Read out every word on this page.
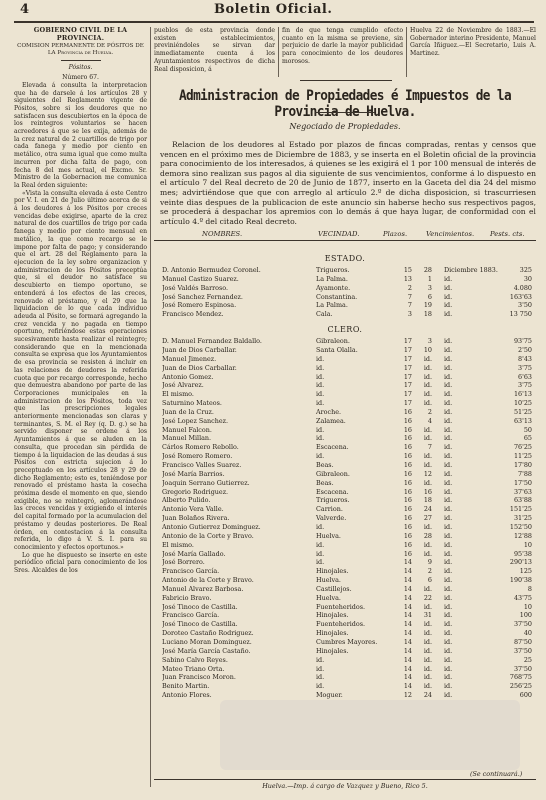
4	Boletin Oficial.
GOBIERNO CIVIL DE LA PROVINCIA.
COMISION PERMANENTE DE PÓSITOS DE LA Provincia de Huelva.
Pósitos.
Número 67.
Elevada á consulta la interpretacion que ha de darsele á los artículos 28 y siguientes del Reglamento vigente de Pósitos, sobre si los deudores que no satisfacen sus descubiertos en la época de los reintegros voluntarios se hacen acreedores á que se les exija, además de la crez natural de 2 cuartillos de trigo por cada fanega y medio por ciento en metálico, otra suma igual que como multa incurren por dicha falta de pago, con fecha 8 del mes actual, el Excmo. Sr. Ministro de la Gobernacion me comunica la Real órden siguiente:
«Vista la consulta elevada á este Centro por V. I. en 21 de Julio último acerca de si á los deudores á los Pósitos por creces vencidas debe exigirse, aparte de la crez natural de dos cuartillos de trigo por cada fanega y medio por ciento mensual en metálico, la que como recargo se le impone por falta de pago; y considerando que el art. 28 del Reglamento para la ejecucion de la ley sobre organizacion y administracion de los Pósitos preceptúa que, si el deudor no satisface su descubierto en tiempo oportuno, se entenderá á los efectos de las creces, renovado el préstamo, y el 29 que la liquidacion de lo que cada individuo adeuda al Pósito, se formará agregando la crez vencida y no pagada en tiempo oportuno, refiriéndose estas operaciones sucesivamente hasta realizar el reintegro; considerando que en la mencionada consulta se expresa que los Ayuntamientos de esa provincia se resisten á incluir en las relaciones de deudores la referida cuota que por recargo corresponde, hecho que demuestra abandono por parte de las Corporaciones municipales en la administracion de los Pósitos, toda vez que las prescripciones legales anteriormente mencionadas son claras y terminantes, S. M. el Rey (q. D. g.) se ha servido disponer se ordene á los Ayuntamientos á que se aluden en la consulta, que procedan sin pérdida de tiempo á la liquidacion de las deudas á sus Pósitos con estricta sujecion á lo preceptuado en los artículos 28 y 29 de dicho Reglamento; esto es, teniéndose por renovado el préstamo hasta la cosecha próxima desde el momento en que, siendo exigible, no se reintegró, aglomerándose las creces vencidas y exigiendo el interés del capital formado por la acumulacion del préstamo y deudas posteriores. De Real órden, en contestacion á la consulta referida, lo digo á V. S. I. para su conocimiento y efectos oportunos.»
Lo que he dispuesto se inserte en este periódico oficial para conocimiento de los Sres. Alcaldes de los
pueblos de esta provincia donde existen establecimientos, previniéndoles se sirvan dar inmediatamente cuenta á los Ayuntamientos respectivos de dicha Real disposicion, á
fin de que tenga cumplido efecto cuanto en la misma se previene, sin perjuicio de darle la mayor publicidad para conocimiento de los deudores morosos.
Huelva 22 de Noviembre de 1883.—El Gobernador interino Presidente, Manuel García Iñiguez.—El Secretario, Luis A. Martinez.
Administracion de Propiedades é Impuestos de la Provincia de Huelva.
Negociado de Propiedades.
Relacion de los deudores al Estado por plazos de fincas compradas, rentas y censos que vencen en el próximo mes de Diciembre de 1883, y se inserta en el Boletin oficial de la provincia para conocimiento de los interesados, á quienes se les exigirá el 1 por 100 mensual de interés de demora sino realizan sus pagos al dia siguiente de sus vencimientos, conforme á lo dispuesto en el artículo 7 del Real decreto de 20 de Junio de 1877, inserto en la Gaceta del dia 24 del mismo mes; advirtiéndose que que con arreglo al artículo 2.º de dicha disposicion, si trascurriesen veinte dias despues de la publicacion de este anuncio sin haberse hecho sus respectivos pagos, se procederá á despachar los apremios con lo demás á que haya lugar, de conformidad con el artículo 4.º del citado Real decreto.
NOMBRES.	VECINDAD.	Plazos.	Vencimientos. Pests. cts.
ESTADO.
D. Antonio Bermudez Coronel.	Trigueros.	15	28 Diciembre 1883.	325
Manuel Castizo Suarez.	La Palma.	13	1 id.	30
José Valdés Barroso.	Ayamonte.	2	3 id.	4.080
José Sanchez Fernandez.	Constantina.	7	6 id.	163'63
José Romero Espinosa.	La Palma.	7	19 id.	3'50
Francisco Mendez.	Cala.	3	18 id.	13 750
CLERO.
D. Manuel Fernandez Baldallo.	Gibraleon.	17	3 id.	93'75
Juan de Dios Carballar.	Santa Olalla.	17	10 id.	2'50
Manuel Jimenez.	id.	17	id. id.	8'43
Juan de Dios Carballar.	id.	17	id. id.	3'75
Antonio Gomez.	id.	17	id. id.	6'63
José Alvarez.	id.	17	id. id.	3'75
El mismo.	id.	17	id. id.	16'13
Saturnino Mateos.	id.	17	id. id.	10'25
Juan de la Cruz.	Aroche.	16	2 id.	51'25
José Lopez Sanchez.	Zalamea.	16	4 id.	63'13
Manuel Falcon.	id.	16	id. id.	50
Manuel Millan.	id.	16	id. id.	65
Cárlos Romero Rebollo.	Escacena.	16	7 id.	76'25
José Romero Romero.	id.	16	id. id.	11'25
Francisco Valles Suarez.	Beas.	16	id. id.	17'80
José María Barrios.	Gibraleon.	16	12 id.	7'88
Joaquin Serrano Gutierrez.	Beas.	16	id. id.	17'50
Gregorio Rodriguez.	Escacena.	16	16 id.	37'63
Alberto Pulido.	Trigueros.	16	18 id.	63'88
Antonio Vera Valle.	Carrion.	16	24 id.	151'25
Juan Bolaños Rivera.	Valverde.	16	27 id.	31'25
Antonio Gutierrez Dominguez.	id.	16	id. id.	152'50
Antonio de la Corte y Bravo.	Huelva.	16	28 id.	12'88
El mismo.	id.	16	id. id.	10
José María Gallado.	id.	16	id. id.	95'38
José Borrero.	id.	14	9 id.	290'13
Francisco García.	Hinojales.	14	2 id.	125
Antonio de la Corte y Bravo.	Huelva.	14	6 id.	190'38
Manuel Alvarez Barbosa.	Castillejos.	14	id. id.	8
Fabricio Bravo.	Huelva.	14	22 id.	43'75
José Tinoco de Castilla.	Fuenteheridos.	14	id. id.	10
Francisco García.	Hinojales.	14	31 id.	100
José Tinoco de Castilla.	Fuenteheridos.	14	id. id.	37'50
Doroteo Castaño Rodriguez.	Hinojales.	14	id. id.	40
Luciano Moran Dominguez.	Cumbres Mayores.	14	id. id.	87'50
José María García Castaño.	Hinojales.	14	id. id.	37'50
Sabino Calvo Reyes.	id.	14	id. id.	25
Mateo Triano Orta.	id.	14	id. id.	37'50
Juan Francisco Moron.	id.	14	id. id.	768'75
Benito Martin.	id.	14	id. id.	256'25
Antonio Flores.	Moguer.	12	24 id.	600
(Se continuará.)
Huelva.—Imp. á cargo de Vazquez y Bueno, Rico 5.
